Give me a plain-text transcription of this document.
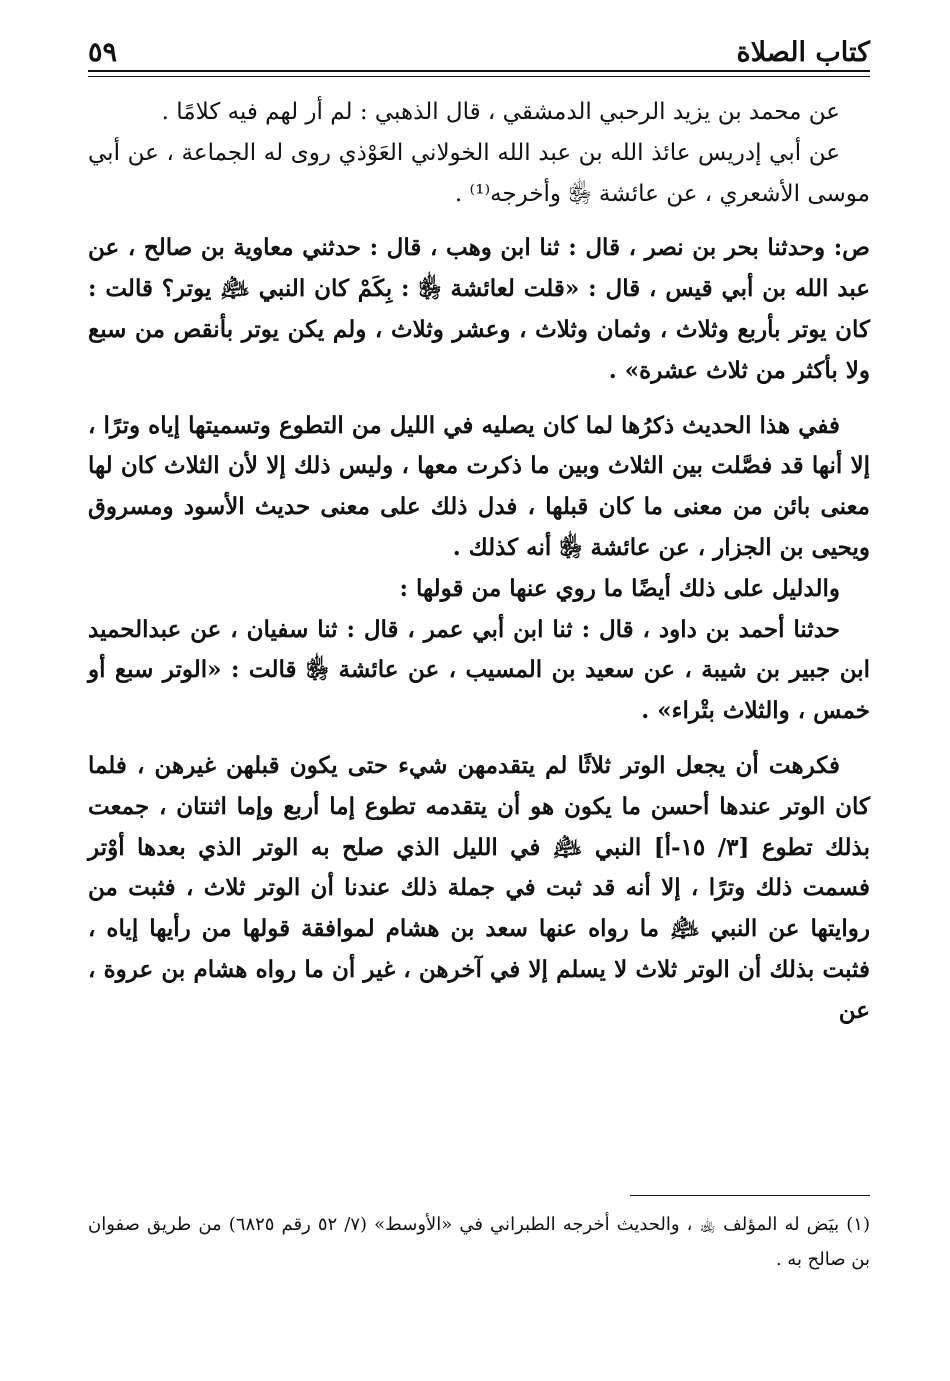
كتاب الصلاة
٥٩

عن محمد بن يزيد الرحبي الدمشقي ، قال الذهبي : لم أر لهم فيه كلامًا .

عن أبي إدريس عائذ الله بن عبد الله الخولاني العَوْذي روى له الجماعة ، عن أبي موسى الأشعري ، عن عائشة ﵂ وأخرجه⁽¹⁾ .

ص: وحدثنا بحر بن نصر ، قال : ثنا ابن وهب ، قال : حدثني معاوية بن صالح ، عن عبد الله بن أبي قيس ، قال : «قلت لعائشة ﵂ : بِكَمْ كان النبي ﵇ يوتر؟ قالت : كان يوتر بأربع وثلاث ، وثمان وثلاث ، وعشر وثلاث ، ولم يكن يوتر بأنقص من سبع ولا بأكثر من ثلاث عشرة» .

ففي هذا الحديث ذكرُها لما كان يصليه في الليل من التطوع وتسميتها إياه وترًا ، إلا أنها قد فصَّلت بين الثلاث وبين ما ذكرت معها ، وليس ذلك إلا لأن الثلاث كان لها معنى بائن من معنى ما كان قبلها ، فدل ذلك على معنى حديث الأسود ومسروق ويحيى بن الجزار ، عن عائشة ﵂ أنه كذلك .

والدليل على ذلك أيضًا ما روي عنها من قولها :

حدثنا أحمد بن داود ، قال : ثنا ابن أبي عمر ، قال : ثنا سفيان ، عن عبدالحميد ابن جبير بن شيبة ، عن سعيد بن المسيب ، عن عائشة ﵂ قالت : «الوتر سبع أو خمس ، والثلاث بتْراء» .

فكرهت أن يجعل الوتر ثلاثًا لم يتقدمهن شيء حتى يكون قبلهن غيرهن ، فلما كان الوتر عندها أحسن ما يكون هو أن يتقدمه تطوع إما أربع وإما اثنتان ، جمعت بذلك تطوع [٣/ ١٥-أ] النبي ﵇ في الليل الذي صلح به الوتر الذي بعدها أوْتر فسمت ذلك وترًا ، إلا أنه قد ثبت في جملة ذلك عندنا أن الوتر ثلاث ، فثبت من روايتها عن النبي ﵇ ما رواه عنها سعد بن هشام لموافقة قولها من رأيها إياه ، فثبت بذلك أن الوتر ثلاث لا يسلم إلا في آخرهن ، غير أن ما رواه هشام بن عروة ، عن

(١) بيَض له المؤلف ﵀ ، والحديث أخرجه الطبراني في «الأوسط» (٧/ ٥٢ رقم ٦٨٢٥) من طريق صفوان بن صالح به .
